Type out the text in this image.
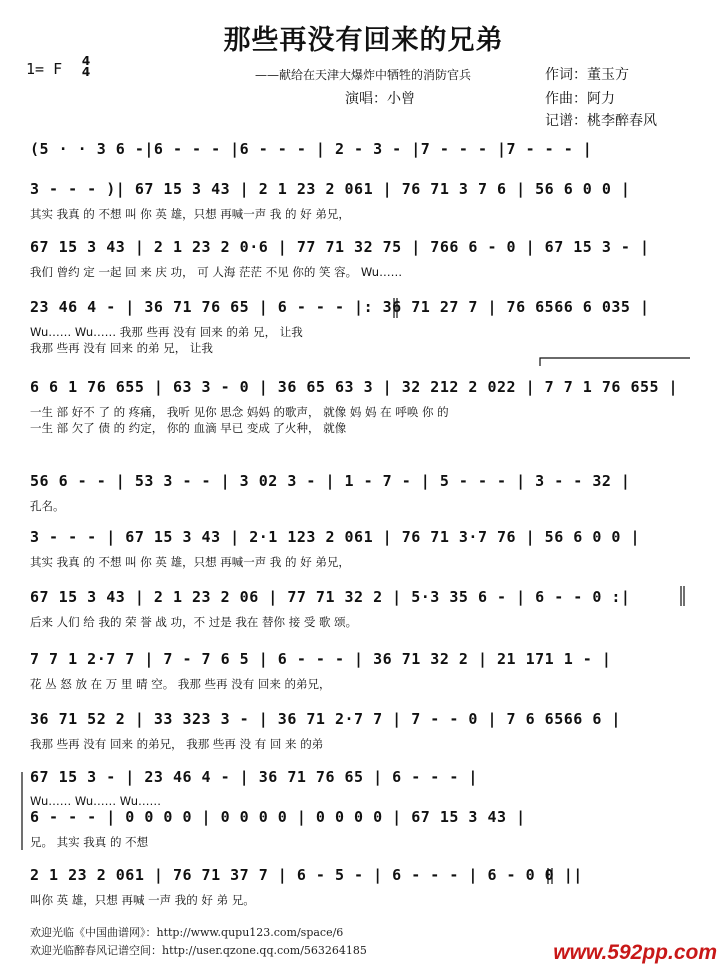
那些再没有回来的兄弟
1= F 4
4	——献给在天津大爆炸中牺牲的消防官兵	作词：董玉方
演唱：小曾	作曲：阿力
记谱：桃李醉春风
(5 · · 3 6 -|6 - - - |6 - - - | 2 - 3 - |7 - - - |7 - - - |
3 - - - )| 67 15 3 43 | 2 1 23 2 061 | 76 71 3 7 6 | 56 6 0 0 |
其实 我真 的 不想 叫 你 英 雄，只想 再喊一声 我 的 好 弟兄，
67 15 3 43 | 2 1 23 2 0·6 | 77 71 32 75 | 766 6 - 0 | 67 15 3 - |
我们 曾约 定 一起 回 来 庆 功， 可 人海 茫茫 不见 你的 笑 容。 Wu……
23 46 4 - | 36 71 76 65 | 6 - - - |: 36 71 27 7 | 76 6566 6 035 |
Wu…… Wu…… 我那 些再 没有 回来 的弟 兄， 让我
我那 些再 没有 回来 的弟 兄， 让我
6 6 1 76 655 | 63 3 - 0 | 36 65 63 3 | 32 212 2 022 | 7 7 1 76 655 |
一生 部 好不 了 的 疼痛， 我听 见你 思念 妈妈 的歌声， 就像 妈 妈 在 呼唤 你 的
一生 部 欠了 债 的 约定， 你的 血滴 早已 变成 了火种， 就像
56 6 - - | 53 3 - - | 3 02 3 - | 1 - 7 - | 5 - - - | 3 - - 32 |
孔名。
3 - - - | 67 15 3 43 | 2·1 123 2 061 | 76 71 3·7 76 | 56 6 0 0 |
其实 我真 的 不想 叫 你 英 雄，只想 再喊一声 我 的 好 弟兄，
67 15 3 43 | 2 1 23 2 06 | 77 71 32 2 | 5·3 35 6 - | 6 - - 0 :|
后来 人们 给 我的 荣 誉 战 功，不 过是 我在 替你 接 受 歌 颂。
7 7 1 2·7 7 | 7 - 7 6 5 | 6 - - - | 36 71 32 2 | 21 171 1 - |
花 丛 怒 放 在 万 里 晴 空。 我那 些再 没有 回来 的弟兄，
36 71 52 2 | 33 323 3 - | 36 71 2·7 7 | 7 - - 0 | 7 6 6566 6 |
我那 些再 没有 回来 的弟兄， 我那 些再 没 有 回 来 的弟
67 15 3 - | 23 46 4 - | 36 71 76 65 | 6 - - - |
Wu…… Wu…… Wu……
6 - - - | 0 0 0 0 | 0 0 0 0 | 0 0 0 0 | 67 15 3 43 |
兄。 其实 我真 的 不想
2 1 23 2 061 | 76 71 37 7 | 6 - 5 - | 6 - - - | 6 - 0 0 ||
叫你 英 雄，只想 再喊 一声 我的 好 弟 兄。
欢迎光临《中国曲谱网》：http://www.qupu123.com/space/6
欢迎光临醉春风记谱空间：http://user.qzone.qq.com/563264185	www.592pp.com
